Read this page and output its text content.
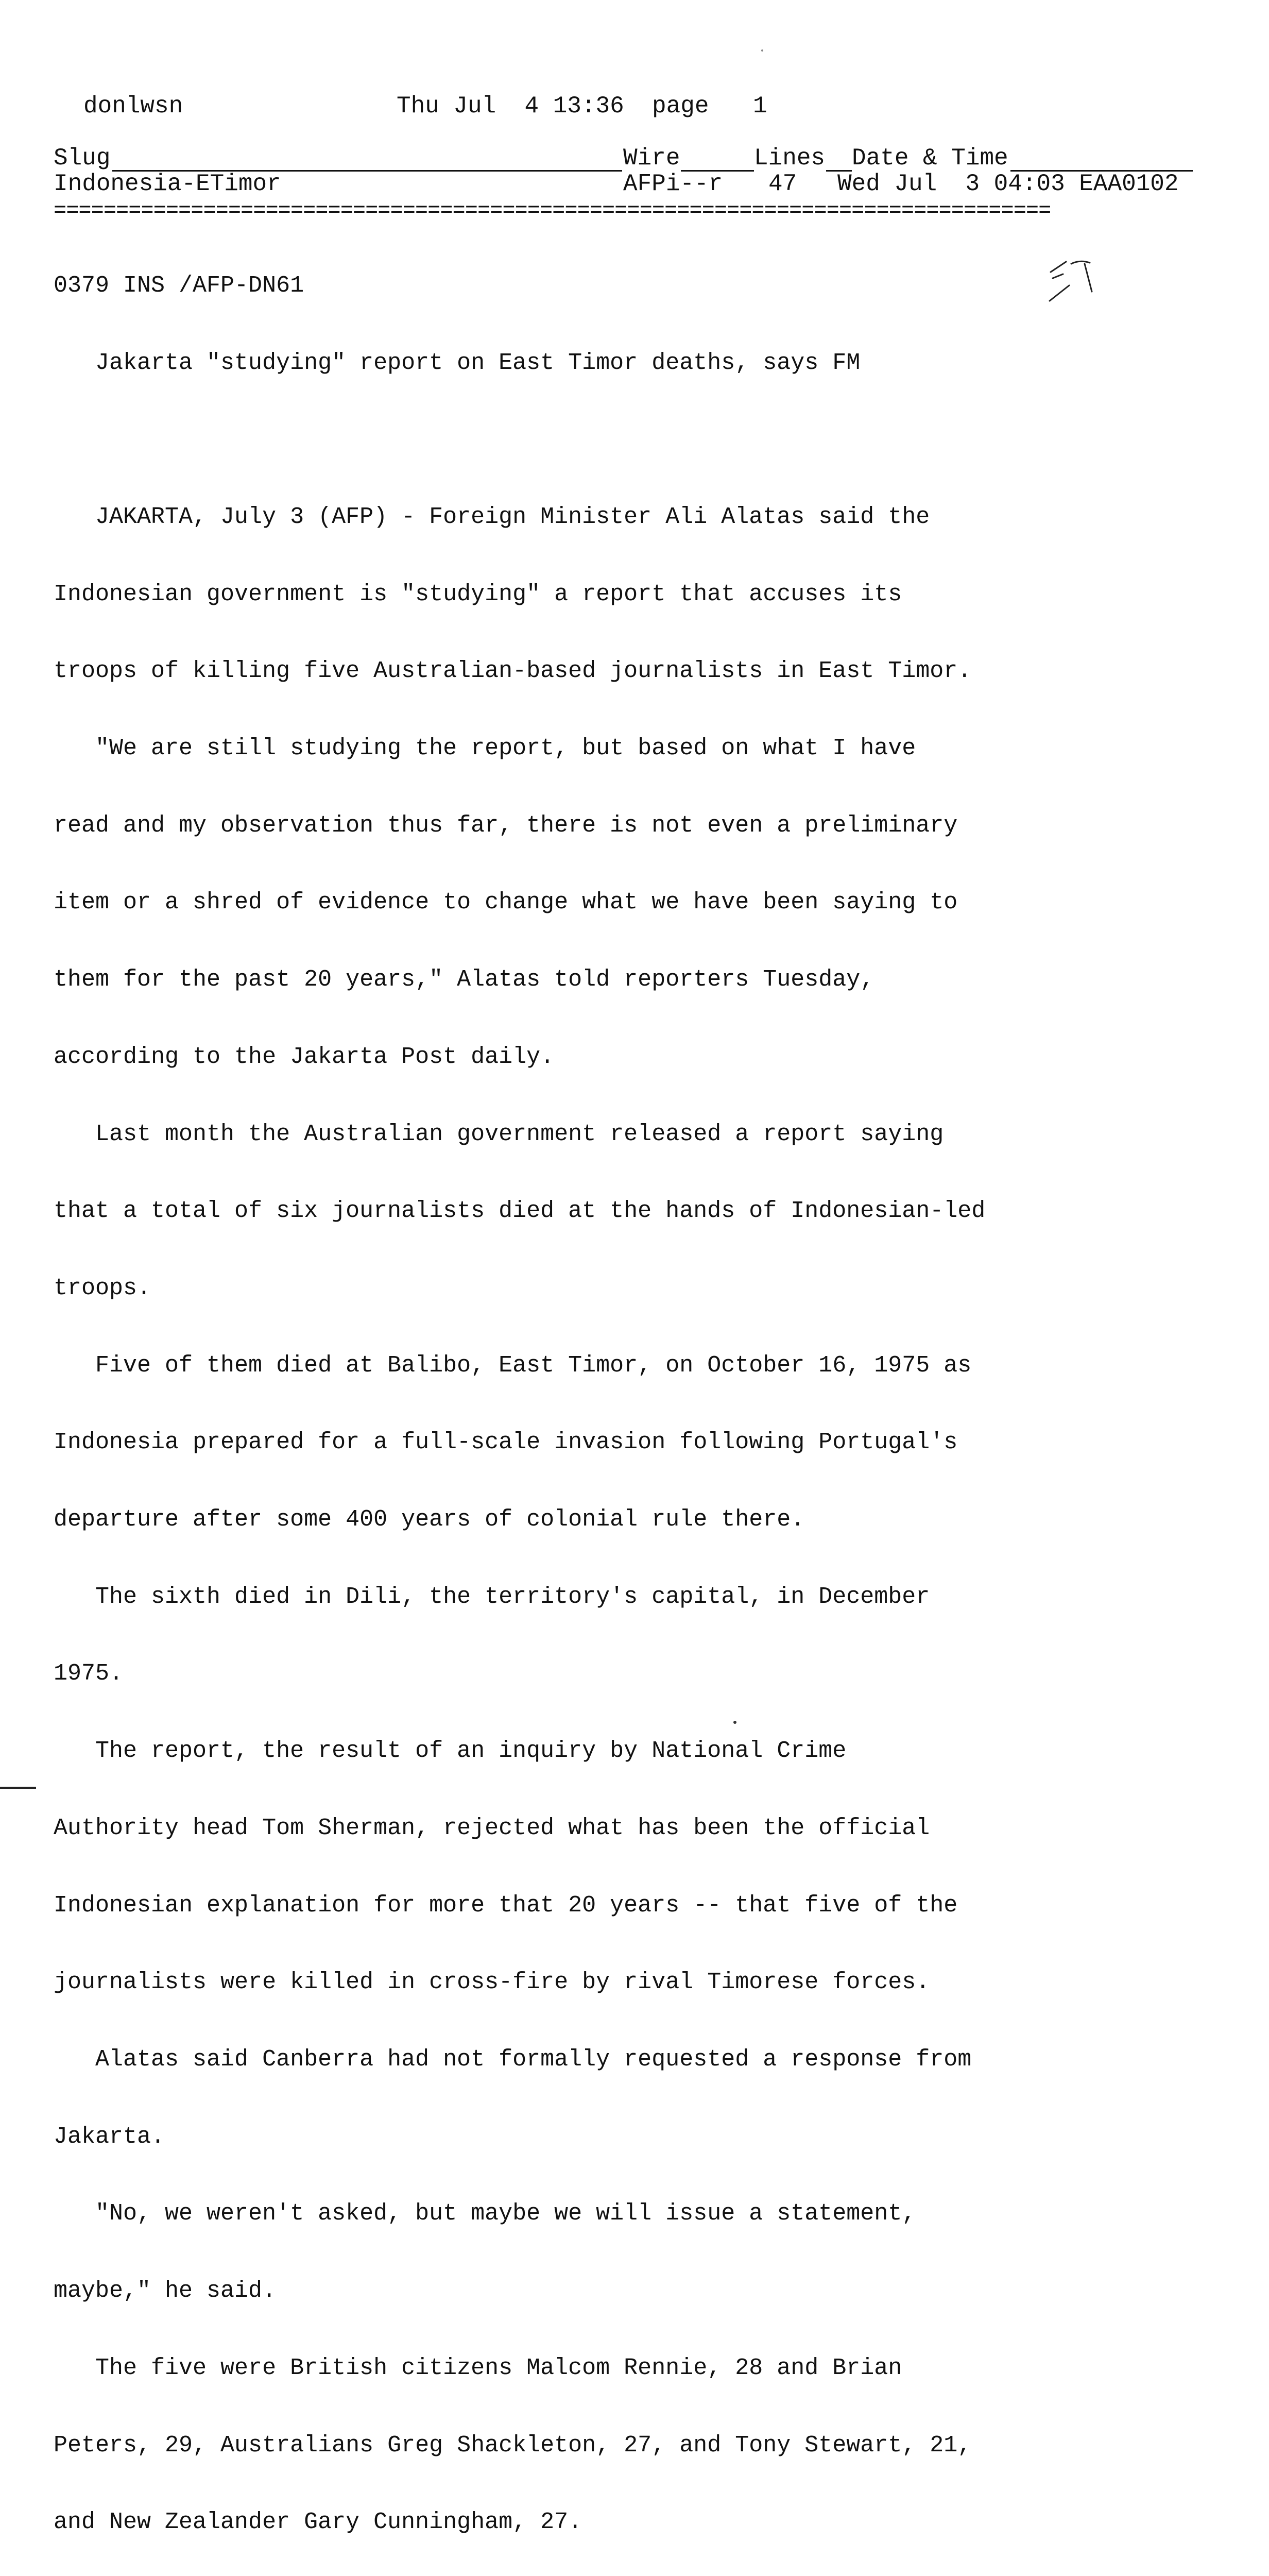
donlwsn	Thu Jul  4 13:36 page 1
Slug	Wire	Lines Date & Time
Indonesia-ETimor	AFPi--r 47 Wed Jul  3 04:03 EAA0102
================================================================================

0379 INS /AFP-DN61

Jakarta "studying" report on East Timor deaths, says FM

JAKARTA, July 3 (AFP) - Foreign Minister Ali Alatas said the

Indonesian government is "studying" a report that accuses its

troops of killing five Australian-based journalists in East Timor.

"We are still studying the report, but based on what I have

read and my observation thus far, there is not even a preliminary

item or a shred of evidence to change what we have been saying to

them for the past 20 years," Alatas told reporters Tuesday,

according to the Jakarta Post daily.

Last month the Australian government released a report saying

that a total of six journalists died at the hands of Indonesian-led

troops.

Five of them died at Balibo, East Timor, on October 16, 1975 as

Indonesia prepared for a full-scale invasion following Portugal's

departure after some 400 years of colonial rule there.

The sixth died in Dili, the territory's capital, in December

1975.

The report, the result of an inquiry by National Crime

Authority head Tom Sherman, rejected what has been the official

Indonesian explanation for more that 20 years -- that five of the

journalists were killed in cross-fire by rival Timorese forces.

Alatas said Canberra had not formally requested a response from

Jakarta.

"No, we weren't asked, but maybe we will issue a statement,

maybe," he said.

The five were British citizens Malcom Rennie, 28 and Brian

Peters, 29, Australians Greg Shackleton, 27, and Tony Stewart, 21,

and New Zealander Gary Cunningham, 27.
